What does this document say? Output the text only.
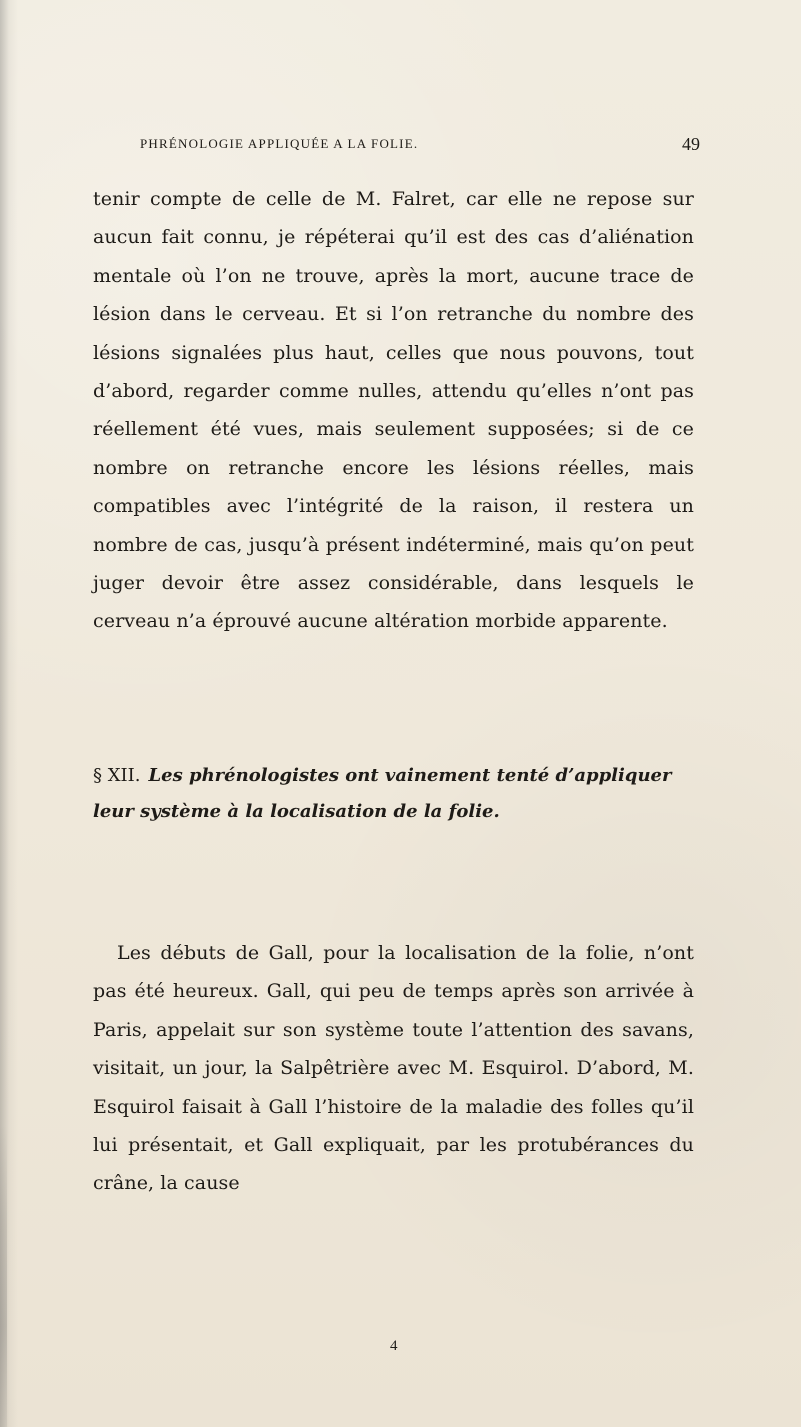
PHRÉNOLOGIE APPLIQUÉE A LA FOLIE.	49
tenir compte de celle de M. Falret, car elle ne repose sur aucun fait connu, je répéterai qu’il est des cas d’aliénation mentale où l’on ne trouve, après la mort, aucune trace de lésion dans le cerveau. Et si l’on retranche du nombre des lésions signalées plus haut, celles que nous pouvons, tout d’abord, regarder comme nulles, attendu qu’elles n’ont pas réellement été vues, mais seulement supposées; si de ce nombre on retranche encore les lésions réelles, mais compatibles avec l’intégrité de la raison, il restera un nombre de cas, jusqu’à présent indéterminé, mais qu’on peut juger devoir être assez considérable, dans lesquels le cerveau n’a éprouvé aucune altération morbide apparente.
§ XII. Les phrénologistes ont vainement tenté d’appliquer leur système à la localisation de la folie.
Les débuts de Gall, pour la localisation de la folie, n’ont pas été heureux. Gall, qui peu de temps après son arrivée à Paris, appelait sur son système toute l’attention des savans, visitait, un jour, la Salpêtrière avec M. Esquirol. D’abord, M. Esquirol faisait à Gall l’histoire de la maladie des folles qu’il lui présentait, et Gall expliquait, par les protubérances du crâne, la cause
4
